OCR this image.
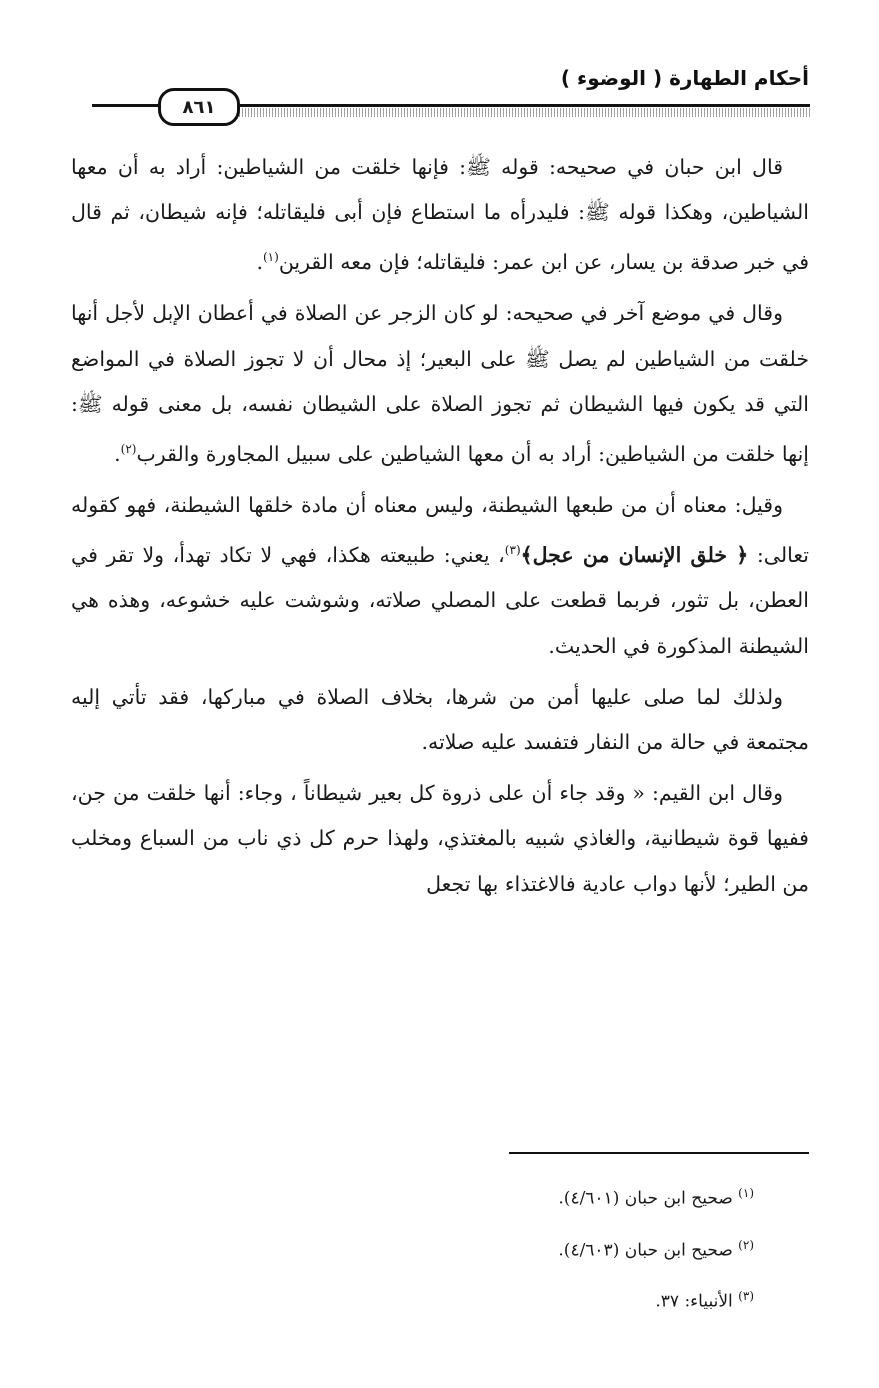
أحكام الطهارة ( الوضوء )
٨٦١

قال ابن حبان في صحيحه: قوله ﷺ: فإنها خلقت من الشياطين: أراد به أن معها الشياطين، وهكذا قوله ﷺ: فليدرأه ما استطاع فإن أبى فليقاتله؛ فإنه شيطان، ثم قال في خبر صدقة بن يسار، عن ابن عمر: فليقاتله؛ فإن معه القرين$^{(١)}$.

وقال في موضع آخر في صحيحه: لو كان الزجر عن الصلاة في أعطان الإبل لأجل أنها خلقت من الشياطين لم يصل ﷺ على البعير؛ إذ محال أن لا تجوز الصلاة في المواضع التي قد يكون فيها الشيطان ثم تجوز الصلاة على الشيطان نفسه، بل معنى قوله ﷺ: إنها خلقت من الشياطين: أراد به أن معها الشياطين على سبيل المجاورة والقرب$^{(٢)}$.

وقيل: معناه أن من طبعها الشيطنة، وليس معناه أن مادة خلقها الشيطنة، فهو كقوله تعالى: ﴿ خلق الإنسان من عجل﴾$^{(٣)}$، يعني: طبيعته هكذا، فهي لا تكاد تهدأ، ولا تقر في العطن، بل تثور، فربما قطعت على المصلي صلاته، وشوشت عليه خشوعه، وهذه هي الشيطنة المذكورة في الحديث.

ولذلك لما صلى عليها أمن من شرها، بخلاف الصلاة في مباركها، فقد تأتي إليه مجتمعة في حالة من النفار فتفسد عليه صلاته.

وقال ابن القيم: « وقد جاء أن على ذروة كل بعير شيطاناً ، وجاء: أنها خلقت من جن، ففيها قوة شيطانية، والغاذي شبيه بالمغتذي، ولهذا حرم كل ذي ناب من السباع ومخلب من الطير؛ لأنها دواب عادية فالاغتذاء بها تجعل

$^{(١)}$ صحيح ابن حبان (٤/٦٠١).
$^{(٢)}$ صحيح ابن حبان (٤/٦٠٣).
$^{(٣)}$ الأنبياء: ٣٧.
